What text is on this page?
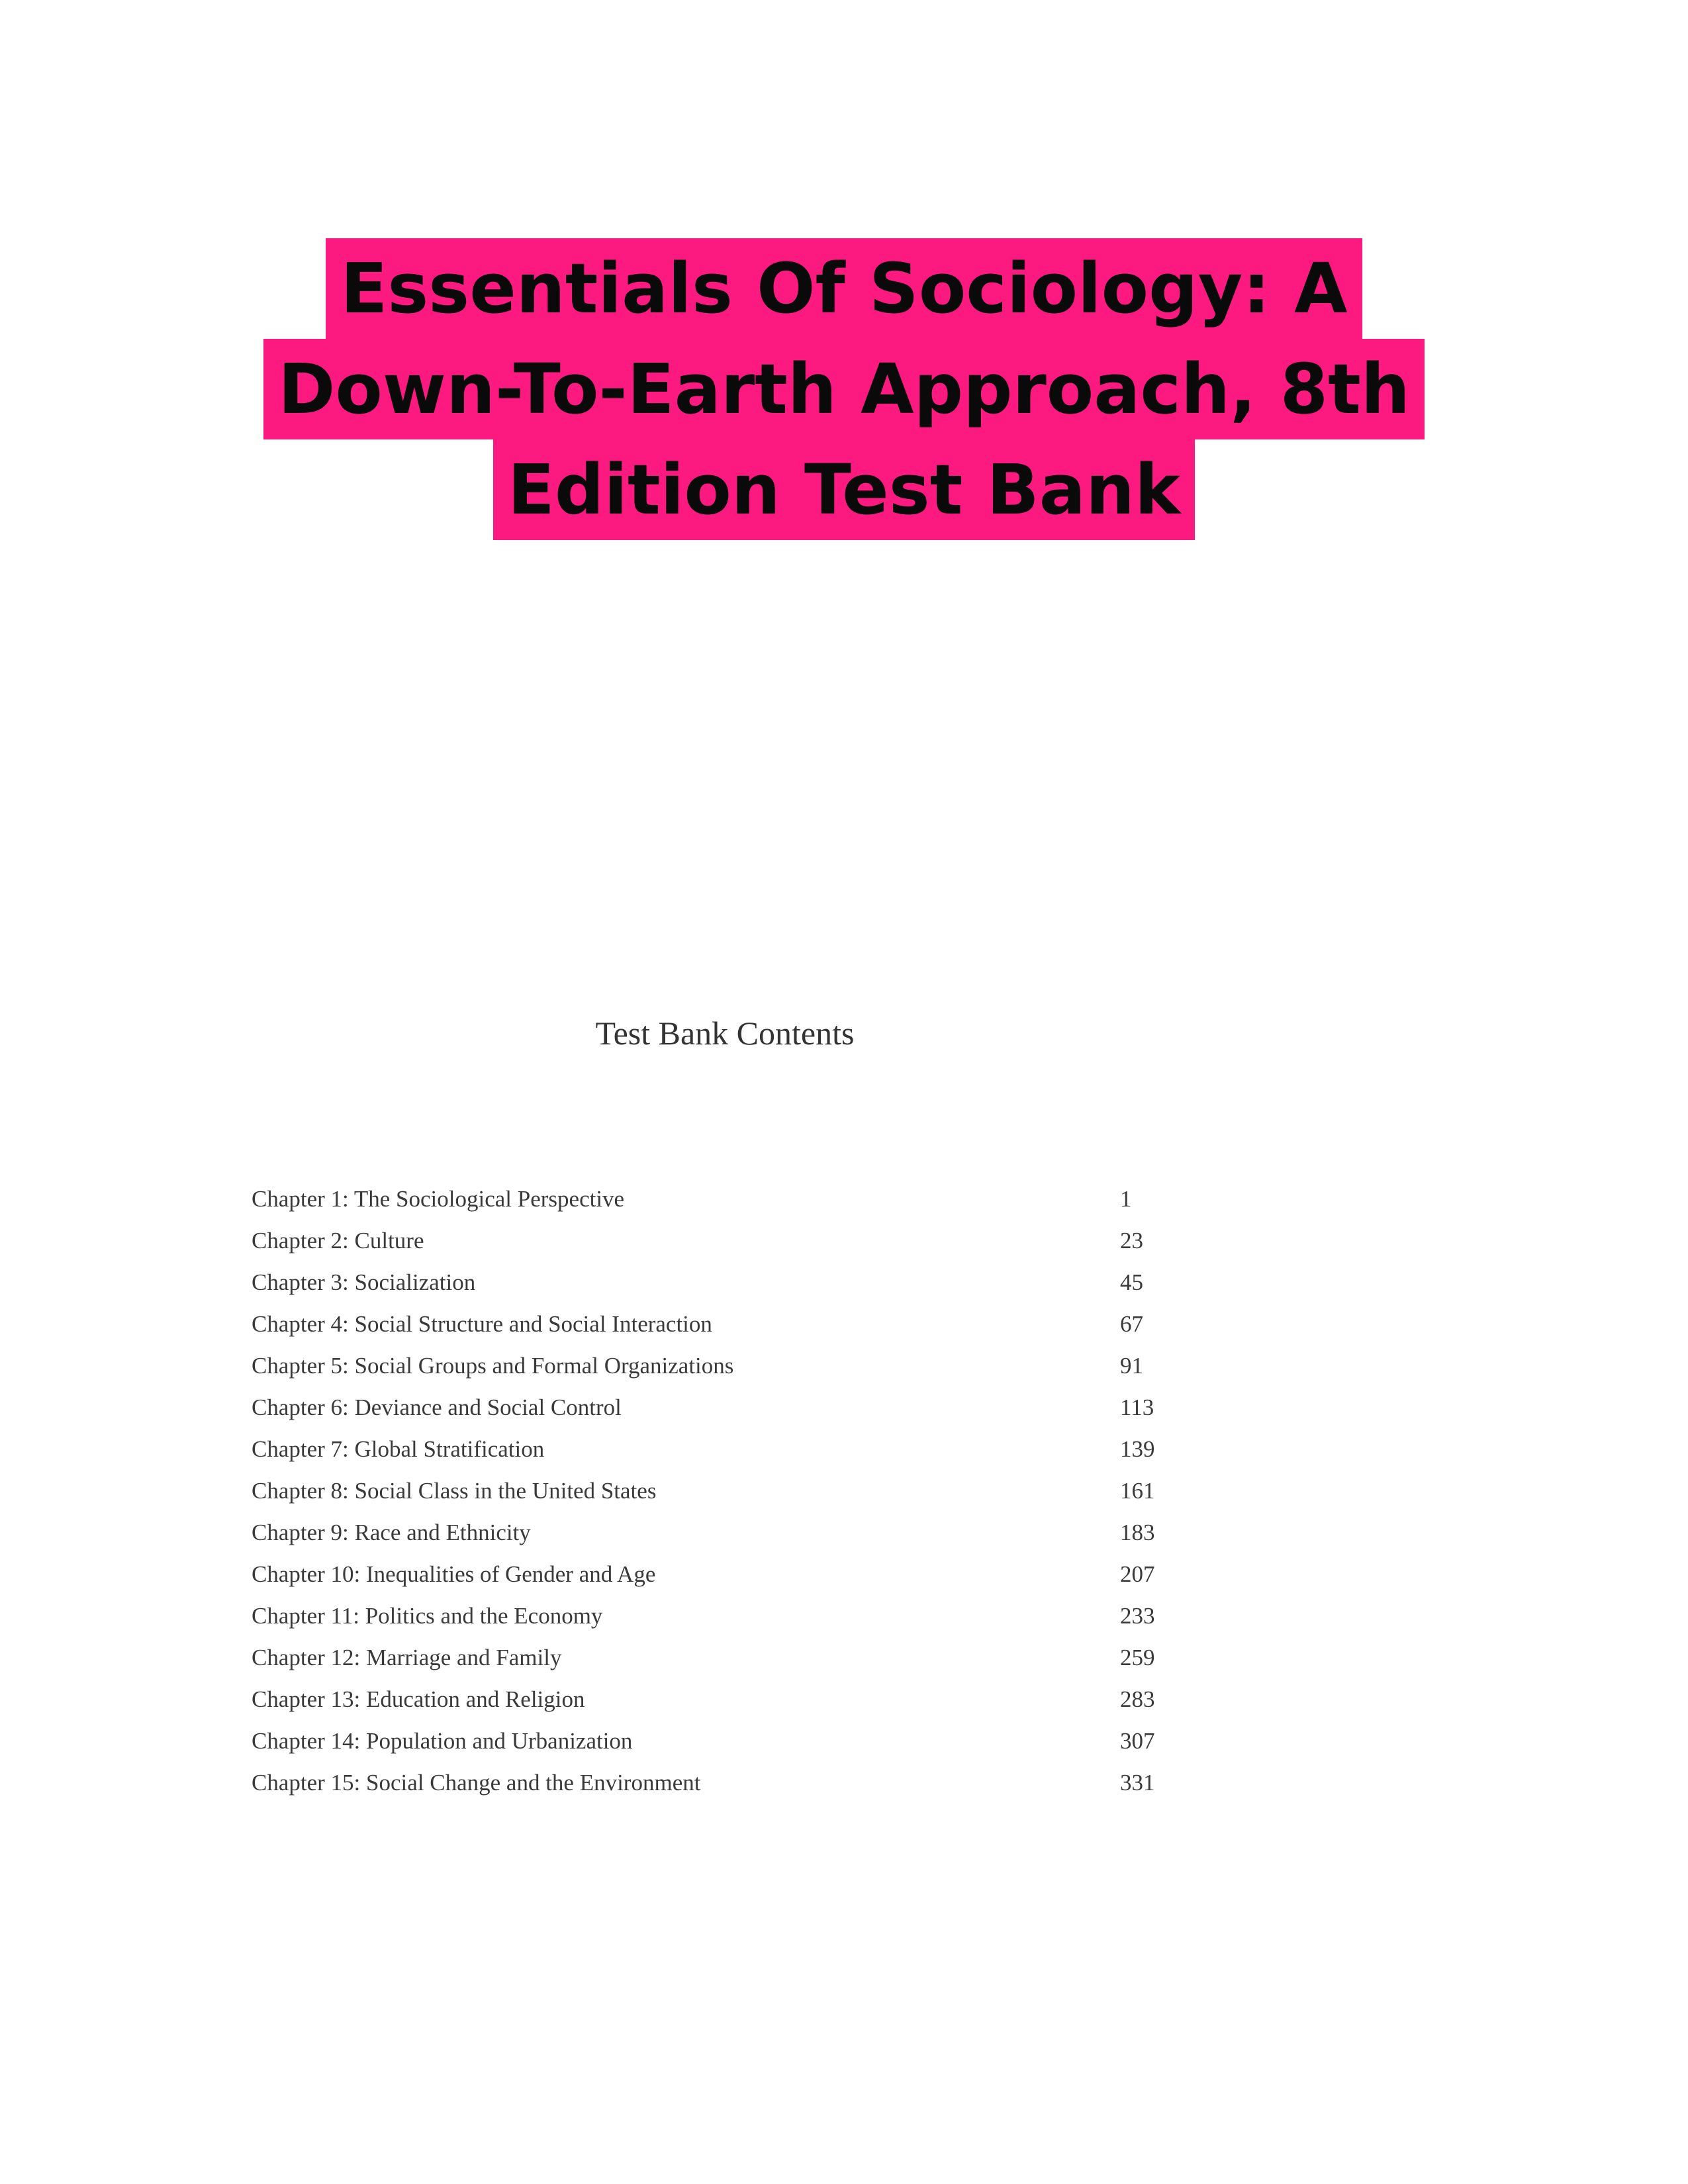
Essentials Of Sociology: A
Down-To-Earth Approach, 8th
Edition Test Bank
Test Bank Contents
Chapter 1: The Sociological Perspective	1
Chapter 2: Culture	23
Chapter 3: Socialization	45
Chapter 4: Social Structure and Social Interaction	67
Chapter 5: Social Groups and Formal Organizations	91
Chapter 6: Deviance and Social Control	113
Chapter 7: Global Stratification	139
Chapter 8: Social Class in the United States	161
Chapter 9: Race and Ethnicity	183
Chapter 10: Inequalities of Gender and Age	207
Chapter 11: Politics and the Economy	233
Chapter 12: Marriage and Family	259
Chapter 13: Education and Religion	283
Chapter 14: Population and Urbanization	307
Chapter 15: Social Change and the Environment	331
